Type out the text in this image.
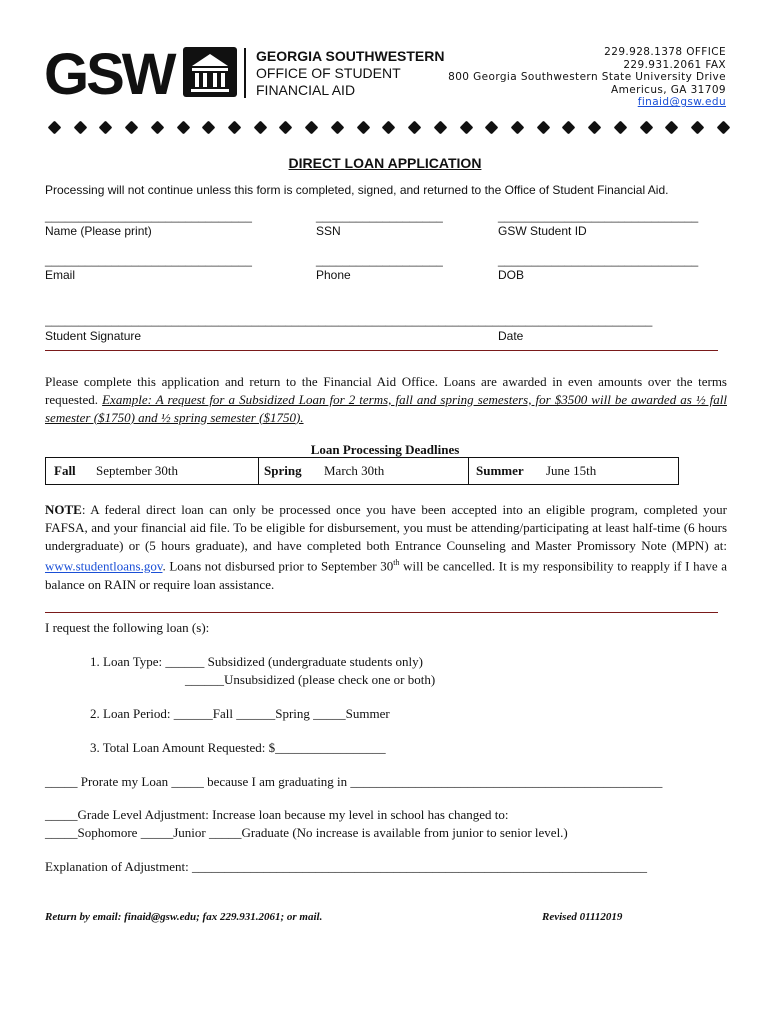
GSW	GEORGIA SOUTHWESTERN
OFFICE OF STUDENT
FINANCIAL AID
229.928.1378 OFFICE
229.931.2061 FAX
800 Georgia Southwestern State University Drive
Americus, GA 31709
finaid@gsw.edu
DIRECT LOAN APPLICATION
Processing will not continue unless this form is completed, signed, and returned to the Office of Student Financial Aid.
_______________________________	___________________	______________________________
Name (Please print)	SSN	GSW Student ID
_______________________________	___________________	______________________________
Email	Phone	DOB
___________________________________________________________________________________________
Student Signature	Date
Please complete this application and return to the Financial Aid Office. Loans are awarded in even amounts over the terms requested. Example: A request for a Subsidized Loan for 2 terms, fall and spring semesters, for $3500 will be awarded as ½ fall semester ($1750) and ½ spring semester ($1750).
Loan Processing Deadlines
Fall September 30th	Spring March 30th	Summer June 15th
NOTE: A federal direct loan can only be processed once you have been accepted into an eligible program, completed your FAFSA, and your financial aid file. To be eligible for disbursement, you must be attending/participating at least half-time (6 hours undergraduate) or (5 hours graduate), and have completed both Entrance Counseling and Master Promissory Note (MPN) at: www.studentloans.gov. Loans not disbursed prior to September 30th will be cancelled. It is my responsibility to reapply if I have a balance on RAIN or require loan assistance.
I request the following loan (s):
1. Loan Type: ______ Subsidized (undergraduate students only)
______Unsubsidized (please check one or both)
2. Loan Period: ______Fall ______Spring _____Summer
3. Total Loan Amount Requested: $_________________
_____ Prorate my Loan _____ because I am graduating in ________________________________________________
_____Grade Level Adjustment: Increase loan because my level in school has changed to:
_____Sophomore _____Junior _____Graduate (No increase is available from junior to senior level.)
Explanation of Adjustment: ______________________________________________________________________
Return by email: finaid@gsw.edu; fax 229.931.2061; or mail.	Revised 01112019
